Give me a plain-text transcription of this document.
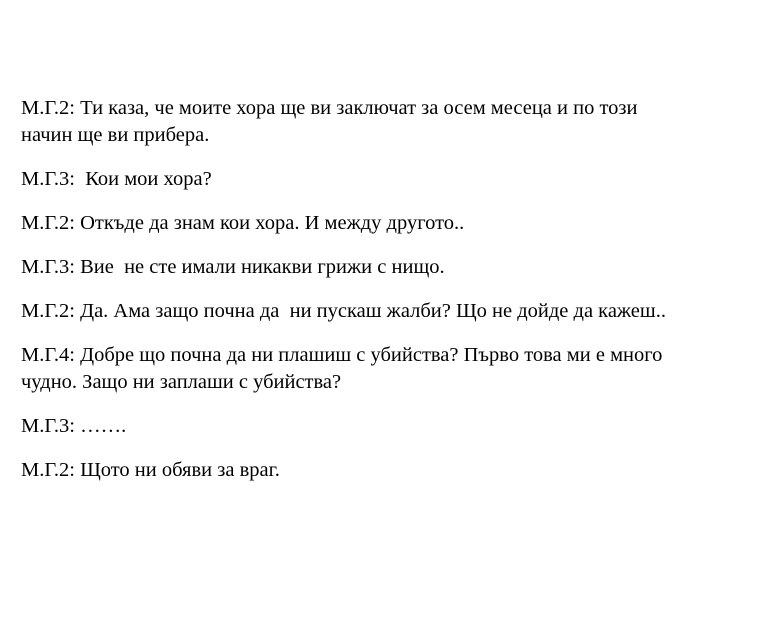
М.Г.2: Ти каза, че моите хора ще ви заключат за осем месеца и по този
начин ще ви прибера.

М.Г.3:  Кои мои хора?

М.Г.2: Откъде да знам кои хора. И между другото..

М.Г.3: Вие  не сте имали никакви грижи с нищо.

М.Г.2: Да. Ама защо почна да  ни пускаш жалби? Що не дойде да кажеш..

М.Г.4: Добре що почна да ни плашиш с убийства? Първо това ми е много
чудно. Защо ни заплаши с убийства?

М.Г.3: …….

М.Г.2: Щото ни обяви за враг.
